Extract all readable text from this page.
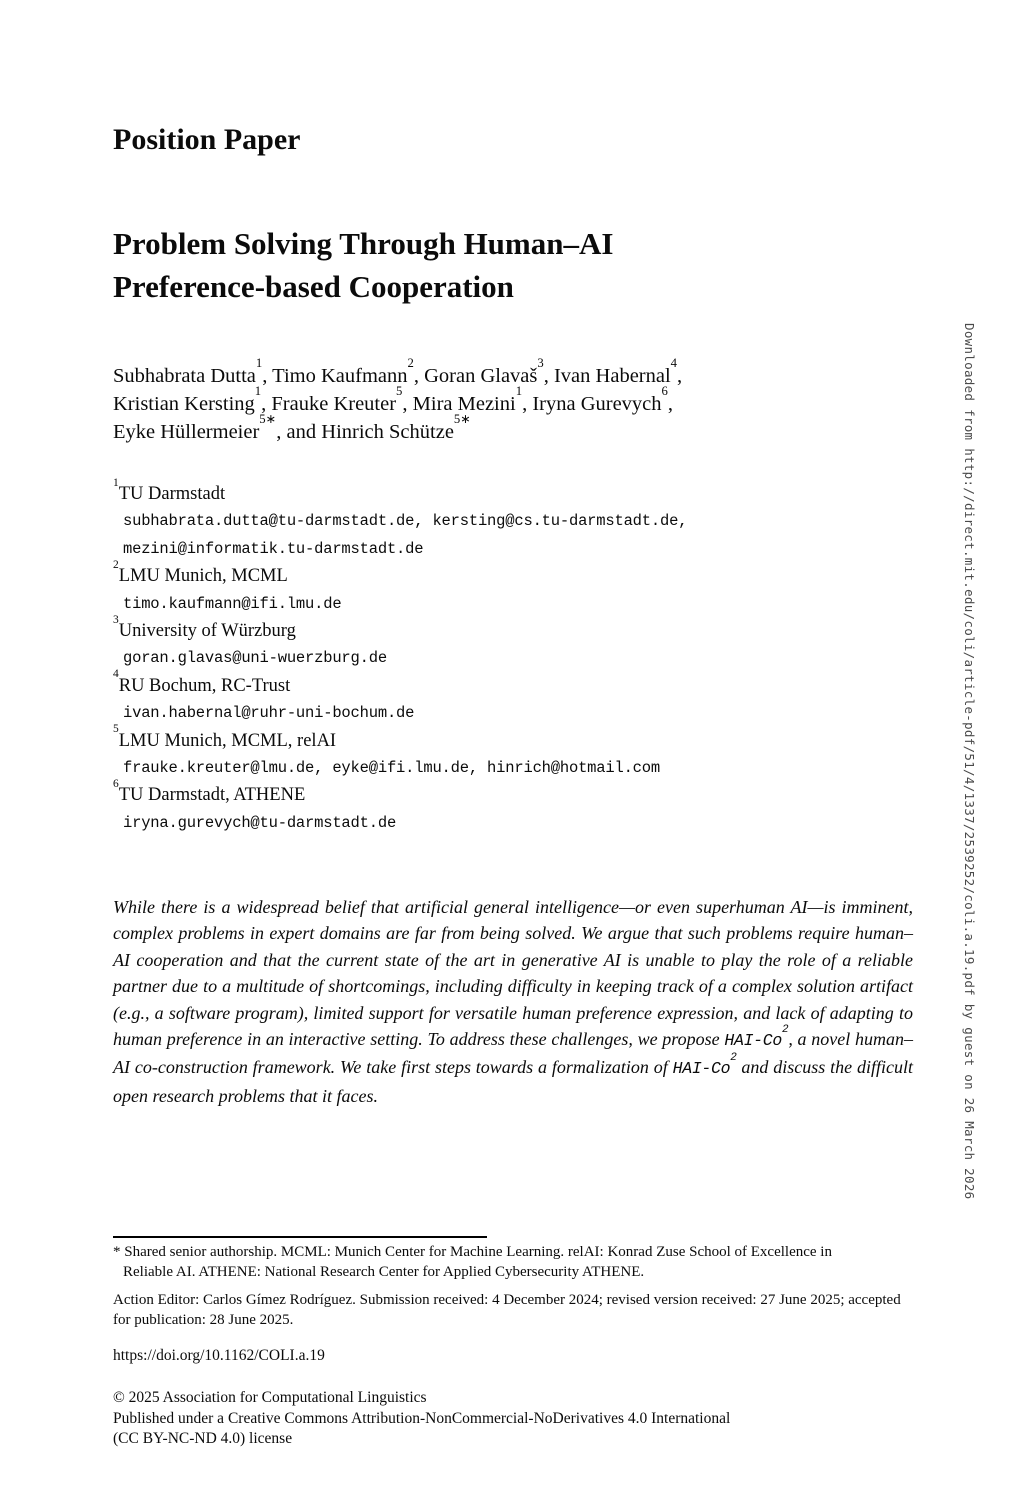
Position Paper
Problem Solving Through Human–AI
Preference-based Cooperation
Subhabrata Dutta$^1$, Timo Kaufmann$^2$, Goran Glavaš$^3$, Ivan Habernal$^4$,
Kristian Kersting$^1$, Frauke Kreuter$^5$, Mira Mezini$^1$, Iryna Gurevych$^6$,
Eyke Hüllermeier$^{5∗}$, and Hinrich Schütze$^{5∗}$
$^1$TU Darmstadt
subhabrata.dutta@tu-darmstadt.de, kersting@cs.tu-darmstadt.de,
mezini@informatik.tu-darmstadt.de
$^2$LMU Munich, MCML
timo.kaufmann@ifi.lmu.de
$^3$University of Würzburg
goran.glavas@uni-wuerzburg.de
$^4$RU Bochum, RC-Trust
ivan.habernal@ruhr-uni-bochum.de
$^5$LMU Munich, MCML, relAI
frauke.kreuter@lmu.de, eyke@ifi.lmu.de, hinrich@hotmail.com
$^6$TU Darmstadt, ATHENE
iryna.gurevych@tu-darmstadt.de

While there is a widespread belief that artificial general intelligence—or even superhuman AI—is imminent, complex problems in expert domains are far from being solved. We argue that such problems require human–AI cooperation and that the current state of the art in generative AI is unable to play the role of a reliable partner due to a multitude of shortcomings, including difficulty in keeping track of a complex solution artifact (e.g., a software program), limited support for versatile human preference expression, and lack of adapting to human preference in an interactive setting. To address these challenges, we propose HAI-Co$^2$, a novel human–AI co-construction framework. We take first steps towards a formalization of HAI-Co$^2$ and discuss the difficult open research problems that it faces.

* Shared senior authorship. MCML: Munich Center for Machine Learning. relAI: Konrad Zuse School of Excellence in Reliable AI. ATHENE: National Research Center for Applied Cybersecurity ATHENE.
Action Editor: Carlos Gímez Rodríguez. Submission received: 4 December 2024; revised version received: 27 June 2025; accepted for publication: 28 June 2025.
https://doi.org/10.1162/COLI.a.19
© 2025 Association for Computational Linguistics
Published under a Creative Commons Attribution-NonCommercial-NoDerivatives 4.0 International
(CC BY-NC-ND 4.0) license
Downloaded from http://direct.mit.edu/coli/article-pdf/51/4/1337/2539252/coli.a.19.pdf by guest on 26 March 2026
